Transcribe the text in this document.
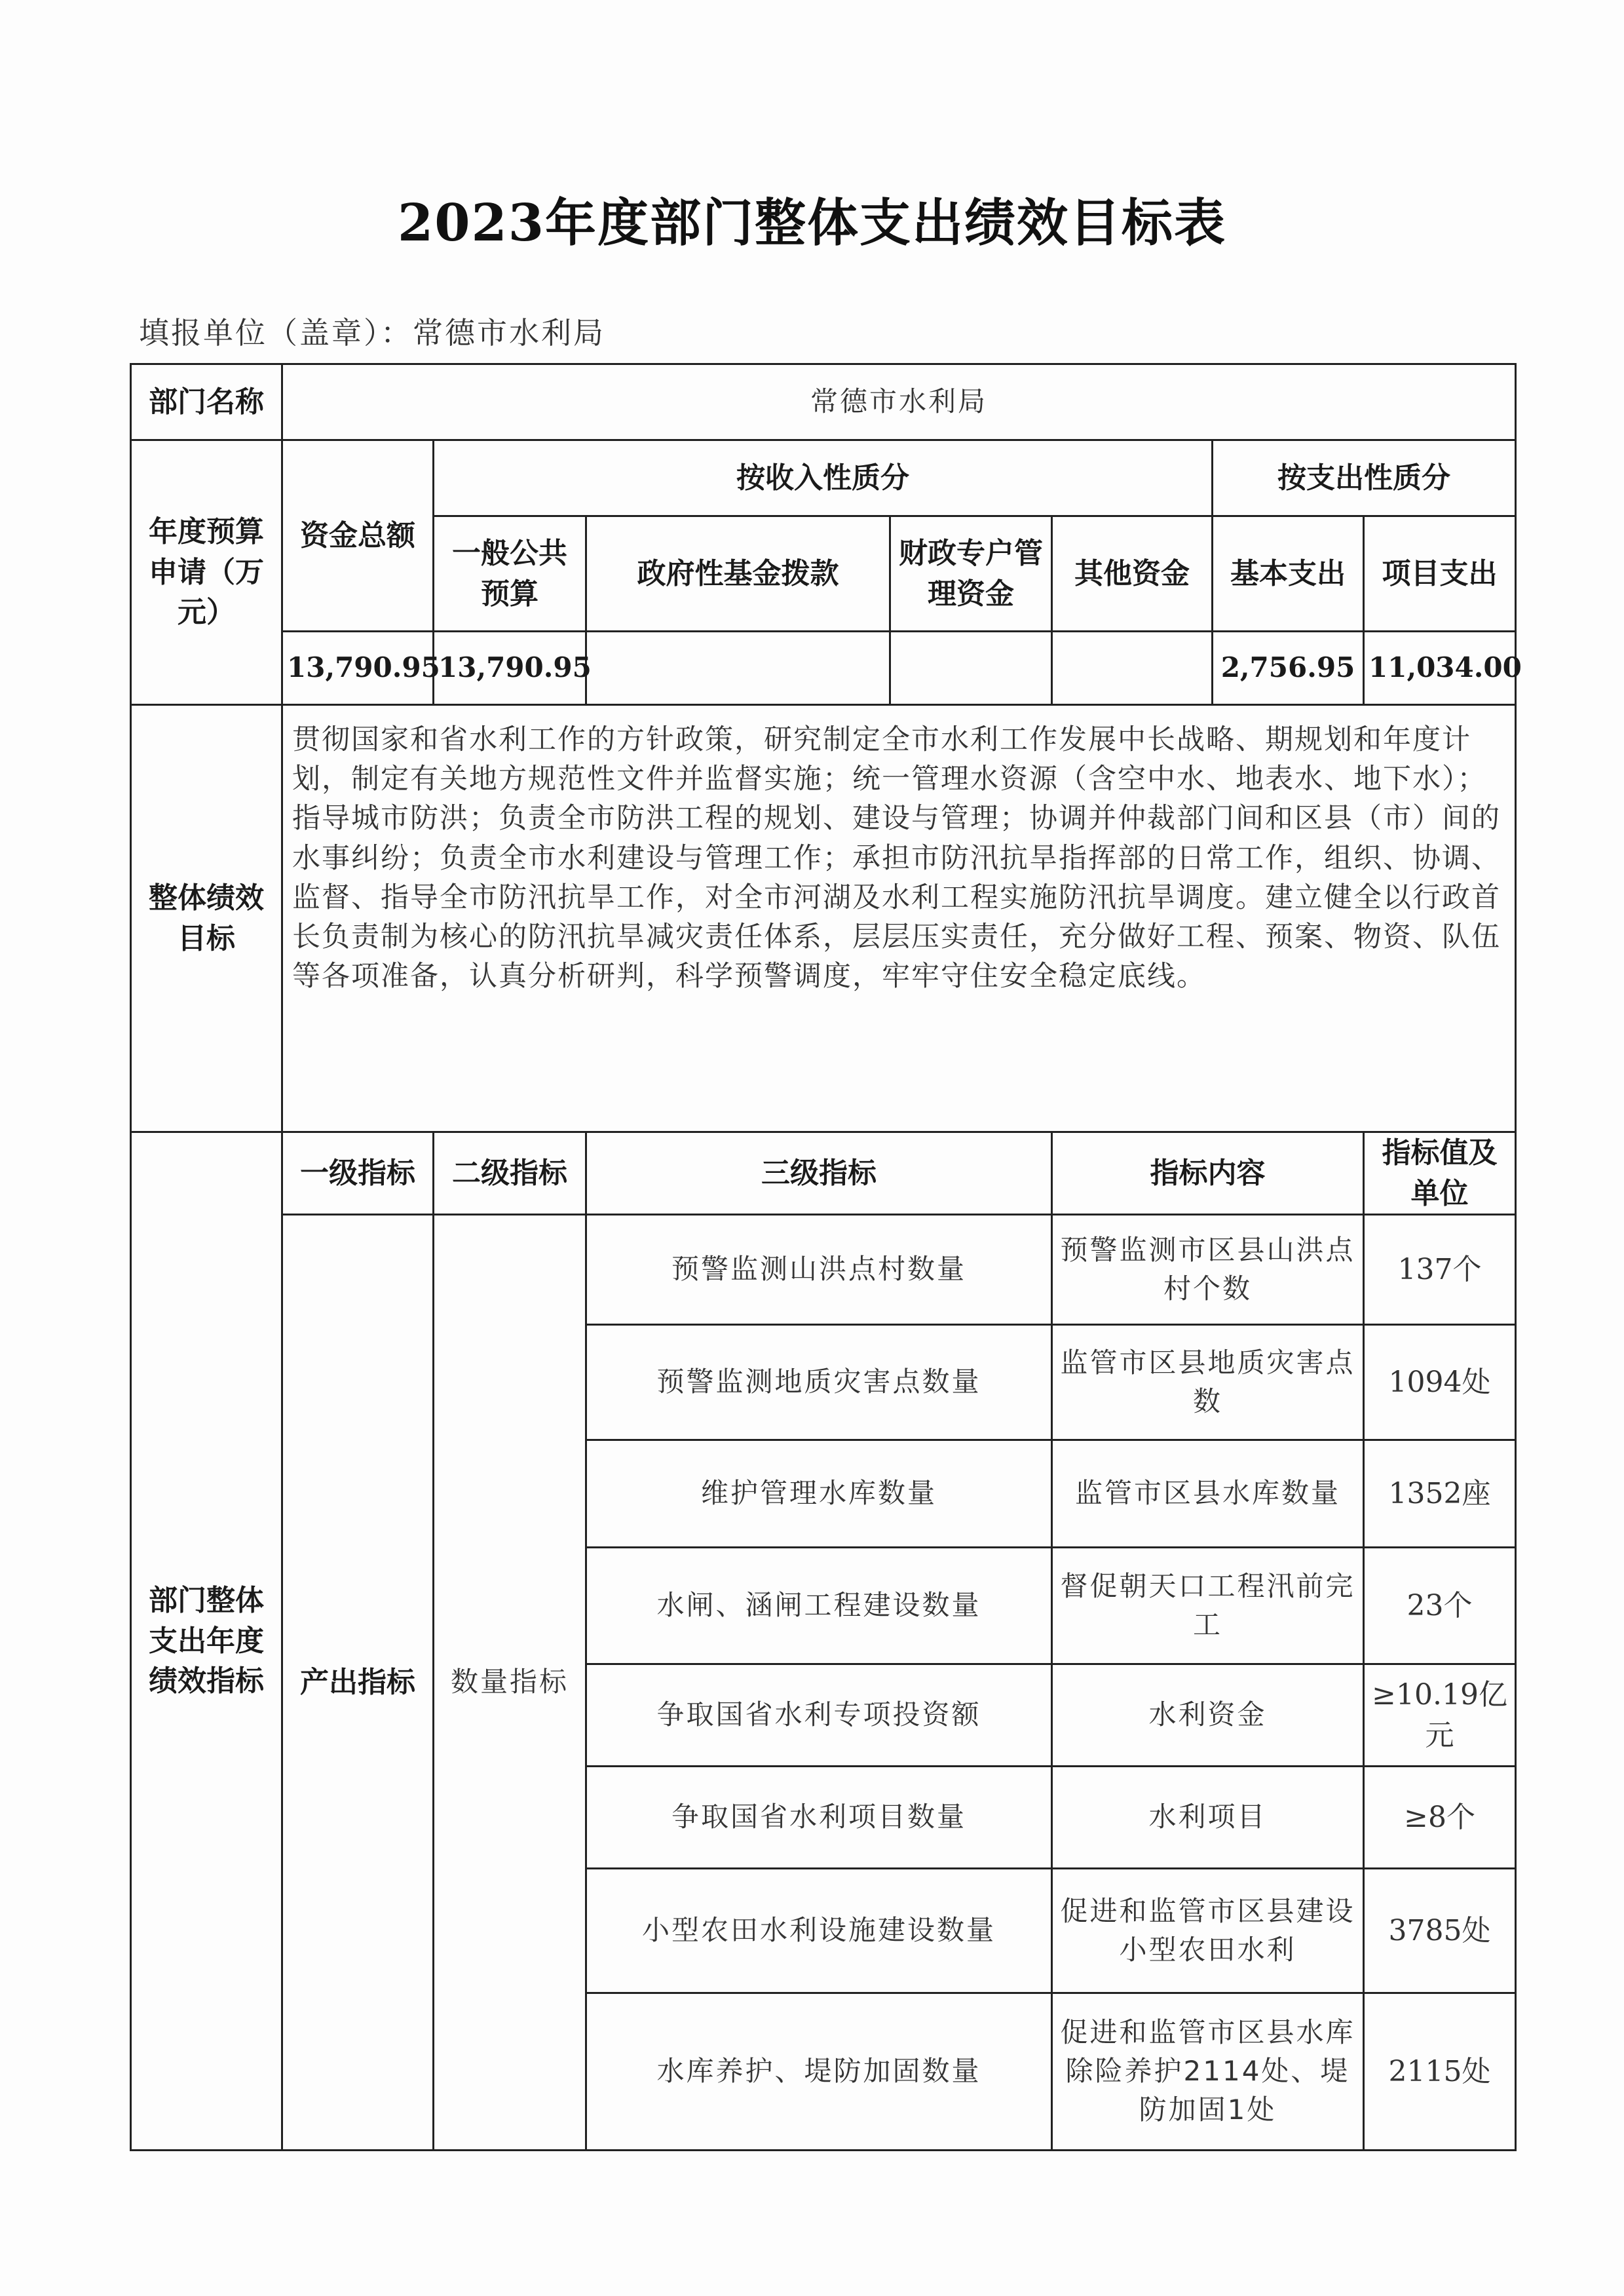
2023年度部门整体支出绩效目标表
填报单位（盖章）：常德市水利局
部门名称	常德市水利局						
年度预算申请（万元）	资金总额	按收入性质分				按支出性质分	
		一般公共预算	政府性基金拨款	财政专户管理资金	其他资金	基本支出	项目支出
	13,790.95	13,790.95				2,756.95	11,034.00
整体绩效目标	贯彻国家和省水利工作的方针政策，研究制定全市水利工作发展中长战略、期规划和年度计划，制定有关地方规范性文件并监督实施；统一管理水资源（含空中水、地表水、地下水）；指导城市防洪；负责全市防洪工程的规划、建设与管理；协调并仲裁部门间和区县（市）间的水事纠纷；负责全市水利建设与管理工作；承担市防汛抗旱指挥部的日常工作，组织、协调、监督、指导全市防汛抗旱工作，对全市河湖及水利工程实施防汛抗旱调度。建立健全以行政首长负责制为核心的防汛抗旱减灾责任体系，层层压实责任，充分做好工程、预案、物资、队伍等各项准备，认真分析研判，科学预警调度，牢牢守住安全稳定底线。						
部门整体支出年度绩效指标	一级指标	二级指标	三级指标		指标内容		指标值及单位
	产出指标	数量指标	预警监测山洪点村数量		预警监测市区县山洪点村个数		137个
			预警监测地质灾害点数量		监管市区县地质灾害点数		1094处
			维护管理水库数量		监管市区县水库数量		1352座
			水闸、涵闸工程建设数量		督促朝天口工程汛前完工		23个
			争取国省水利专项投资额		水利资金		≥10.19亿元
			争取国省水利项目数量		水利项目		≥8个
			小型农田水利设施建设数量		促进和监管市区县建设小型农田水利		3785处
			水库养护、堤防加固数量		促进和监管市区县水库除险养护2114处、堤防加固1处		2115处
